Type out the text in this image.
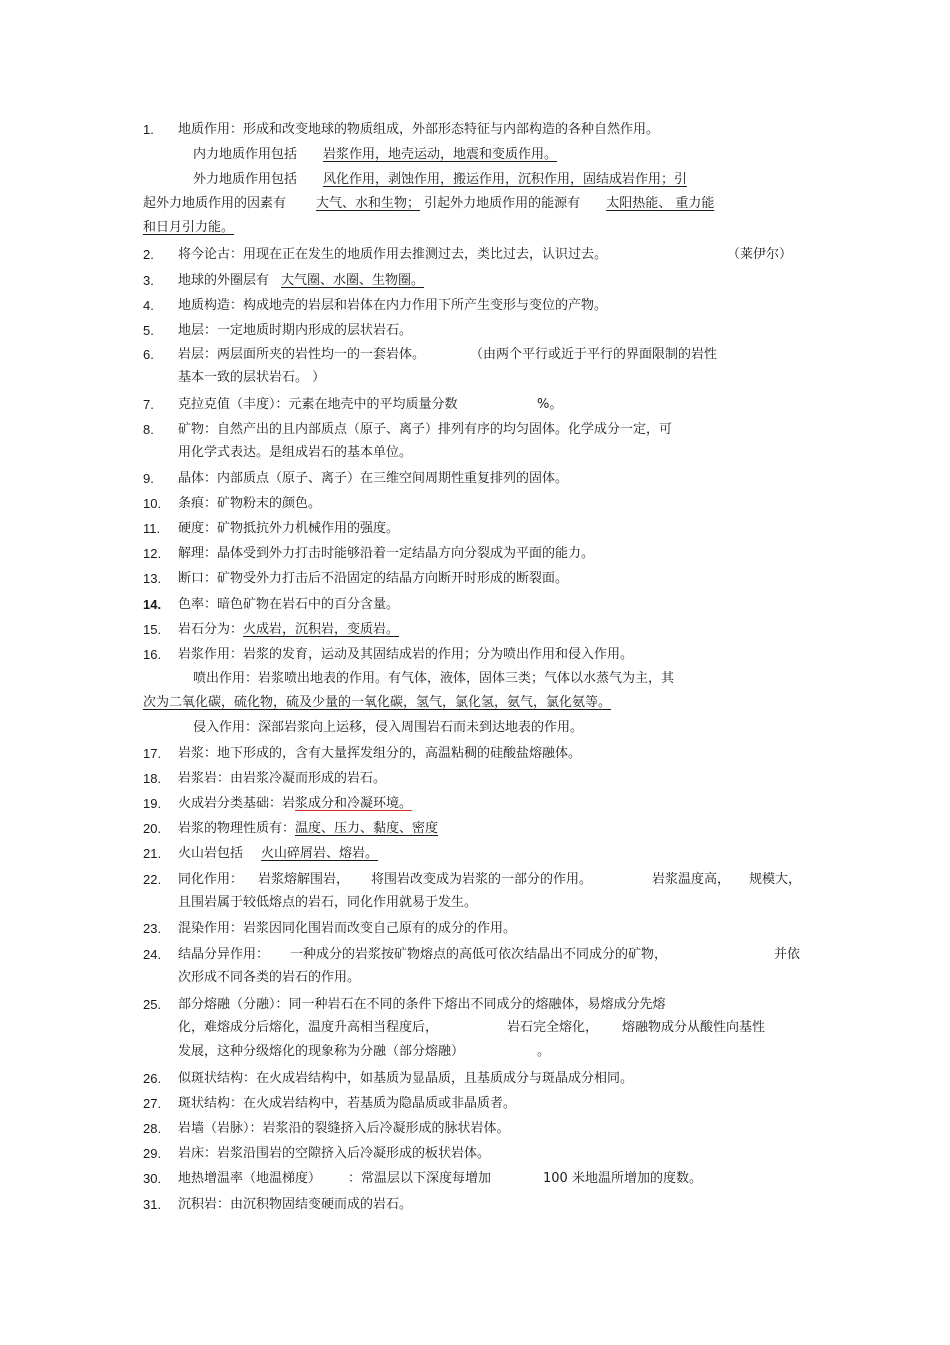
1. 地质作用：形成和改变地球的物质组成，外部形态特征与内部构造的各种自然作用。
内力地质作用包括 岩浆作用，地壳运动，地震和变质作用。
外力地质作用包括 风化作用，剥蚀作用，搬运作用，沉积作用，固结成岩作用；引
起外力地质作用的因素有 大气、水和生物； 引起外力地质作用的能源有 太阳热能、 重力能
和日月引力能。
2. 将今论古：用现在正在发生的地质作用去推测过去，类比过去，认识过去。	（莱伊尔）
3. 地球的外圈层有 大气圈、水圈、生物圈。
4. 地质构造：构成地壳的岩层和岩体在内力作用下所产生变形与变位的产物。
5. 地层：一定地质时期内形成的层状岩石。
6. 岩层：两层面所夹的岩性均一的一套岩体。	（由两个平行或近于平行的界面限制的岩性
基本一致的层状岩石。 ）
7. 克拉克值（丰度）：元素在地壳中的平均质量分数	%。
8. 矿物：自然产出的且内部质点（原子、离子）排列有序的均匀固体。化学成分一定，可
用化学式表达。是组成岩石的基本单位。
9. 晶体：内部质点（原子、离子）在三维空间周期性重复排列的固体。
10. 条痕：矿物粉末的颜色。
11. 硬度：矿物抵抗外力机械作用的强度。
12. 解理：晶体受到外力打击时能够沿着一定结晶方向分裂成为平面的能力。
13. 断口：矿物受外力打击后不沿固定的结晶方向断开时形成的断裂面。
14. 色率：暗色矿物在岩石中的百分含量。
15. 岩石分为：火成岩，沉积岩，变质岩。
16. 岩浆作用：岩浆的发育，运动及其固结成岩的作用；分为喷出作用和侵入作用。
喷出作用：岩浆喷出地表的作用。有气体，液体，固体三类；气体以水蒸气为主，其
次为二氧化碳，硫化物，硫及少量的一氧化碳，氢气，氯化氢，氨气，氯化氨等。
侵入作用：深部岩浆向上运移，侵入周围岩石而未到达地表的作用。
17. 岩浆：地下形成的，含有大量挥发组分的，高温粘稠的硅酸盐熔融体。
18. 岩浆岩：由岩浆冷凝而形成的岩石。
19. 火成岩分类基础：岩浆成分和冷凝环境。
20. 岩浆的物理性质有：温度、压力、黏度、密度
21. 火山岩包括 火山碎屑岩、熔岩。
22. 同化作用： 岩浆熔解围岩， 将围岩改变成为岩浆的一部分的作用。	岩浆温度高， 规模大，
且围岩属于较低熔点的岩石，同化作用就易于发生。
23. 混染作用：岩浆因同化围岩而改变自己原有的成分的作用。
24. 结晶分异作用： 一种成分的岩浆按矿物熔点的高低可依次结晶出不同成分的矿物，	并依
次形成不同各类的岩石的作用。
25. 部分熔融（分融）：同一种岩石在不同的条件下熔出不同成分的熔融体，易熔成分先熔
化，难熔成分后熔化，温度升高相当程度后，	岩石完全熔化， 熔融物成分从酸性向基性
发展，这种分级熔化的现象称为分融（部分熔融）	。
26. 似斑状结构：在火成岩结构中，如基质为显晶质，且基质成分与斑晶成分相同。
27. 斑状结构：在火成岩结构中，若基质为隐晶质或非晶质者。
28. 岩墙（岩脉）：岩浆沿的裂缝挤入后冷凝形成的脉状岩体。
29. 岩床：岩浆沿围岩的空隙挤入后冷凝形成的板状岩体。
30. 地热增温率（地温梯度） ：常温层以下深度每增加	100 米地温所增加的度数。
31. 沉积岩：由沉积物固结变硬而成的岩石。
